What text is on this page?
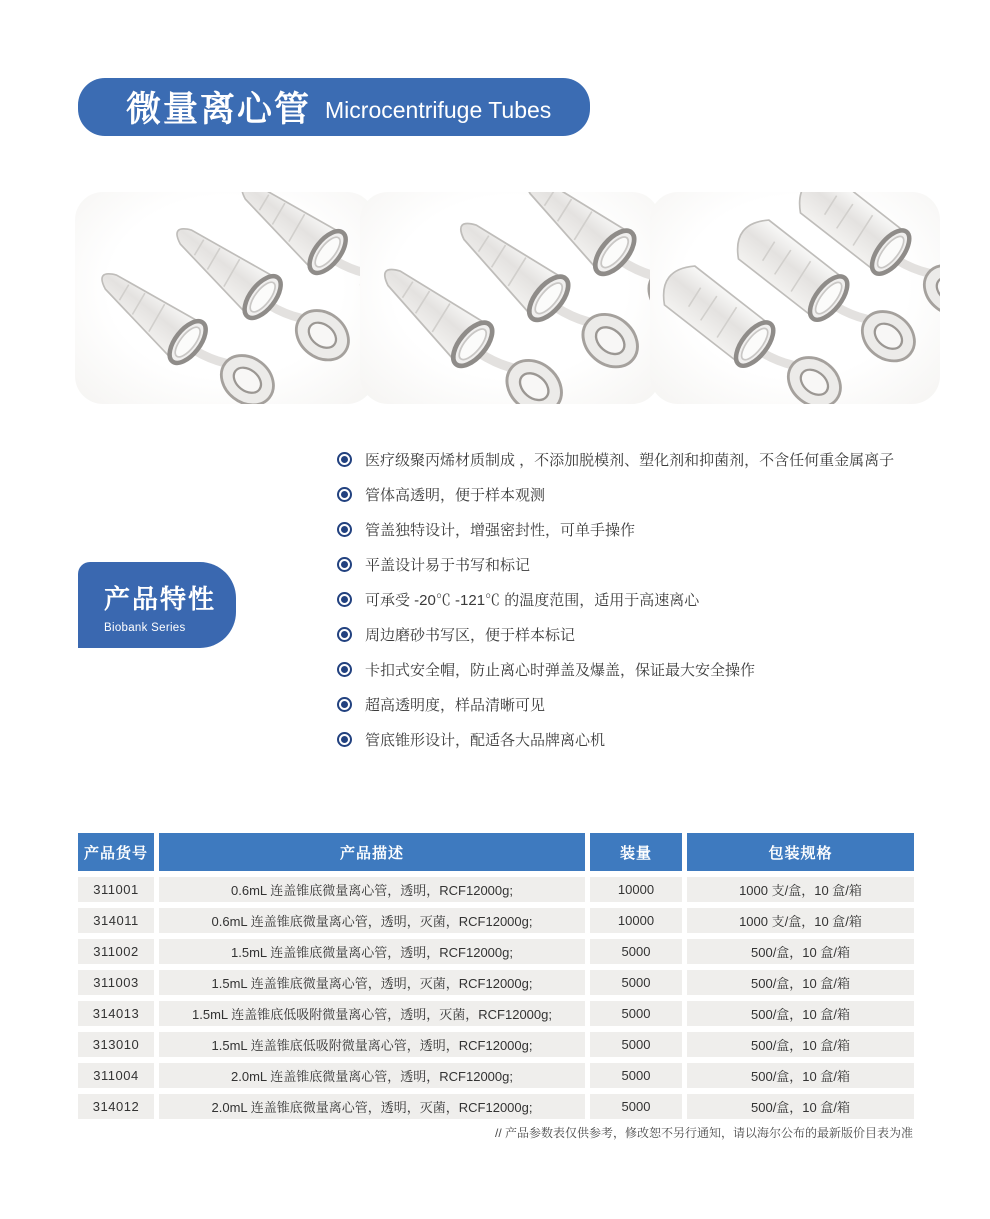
微量离心管 Microcentrifuge Tubes
产品特性
Biobank Series
医疗级聚丙烯材质制成 ，不添加脱模剂、塑化剂和抑菌剂，不含任何重金属离子
管体高透明，便于样本观测
管盖独特设计，增强密封性，可单手操作
平盖设计易于书写和标记
可承受 -20℃ -121℃ 的温度范围，适用于高速离心
周边磨砂书写区，便于样本标记
卡扣式安全帽，防止离心时弹盖及爆盖，保证最大安全操作
超高透明度，样品清晰可见
管底锥形设计，配适各大品牌离心机
产品货号	产品描述	装量	包装规格
311001	0.6mL 连盖锥底微量离心管，透明，RCF12000g;	10000	1000 支/盒，10 盒/箱
314011	0.6mL 连盖锥底微量离心管，透明，灭菌，RCF12000g;	10000	1000 支/盒，10 盒/箱
311002	1.5mL 连盖锥底微量离心管，透明，RCF12000g;	5000	500/盒，10 盒/箱
311003	1.5mL 连盖锥底微量离心管，透明，灭菌，RCF12000g;	5000	500/盒，10 盒/箱
314013	1.5mL 连盖锥底低吸附微量离心管，透明，灭菌，RCF12000g;	5000	500/盒，10 盒/箱
313010	1.5mL 连盖锥底低吸附微量离心管，透明，RCF12000g;	5000	500/盒，10 盒/箱
311004	2.0mL 连盖锥底微量离心管，透明，RCF12000g;	5000	500/盒，10 盒/箱
314012	2.0mL 连盖锥底微量离心管，透明，灭菌，RCF12000g;	5000	500/盒，10 盒/箱
// 产品参数表仅供参考，修改恕不另行通知，请以海尔公布的最新版价目表为准
